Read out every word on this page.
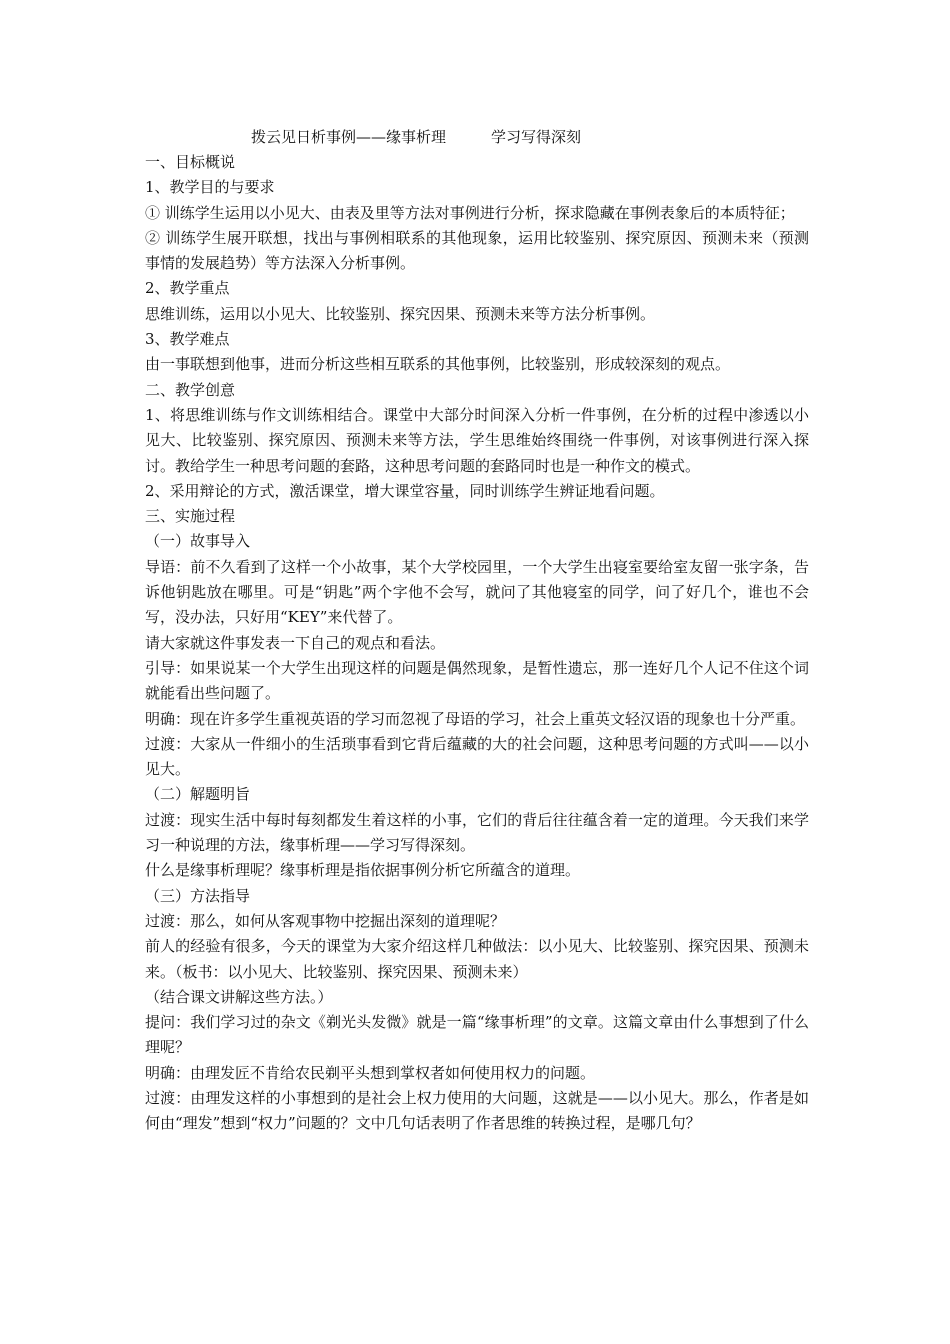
拨云见日析事例——缘事析理　　　学习写得深刻

一、目标概说

1、教学目的与要求

① 训练学生运用以小见大、由表及里等方法对事例进行分析，探求隐藏在事例表象后的本质特征；

② 训练学生展开联想，找出与事例相联系的其他现象，运用比较鉴别、探究原因、预测未来（预测事情的发展趋势）等方法深入分析事例。

2、教学重点

思维训练，运用以小见大、比较鉴别、探究因果、预测未来等方法分析事例。

3、教学难点

由一事联想到他事，进而分析这些相互联系的其他事例，比较鉴别，形成较深刻的观点。

二、教学创意

1、将思维训练与作文训练相结合。课堂中大部分时间深入分析一件事例，在分析的过程中渗透以小见大、比较鉴别、探究原因、预测未来等方法，学生思维始终围绕一件事例，对该事例进行深入探讨。教给学生一种思考问题的套路，这种思考问题的套路同时也是一种作文的模式。

2、采用辩论的方式，激活课堂，增大课堂容量，同时训练学生辨证地看问题。

三、实施过程

（一）故事导入

导语：前不久看到了这样一个小故事，某个大学校园里，一个大学生出寝室要给室友留一张字条，告诉他钥匙放在哪里。可是“钥匙”两个字他不会写，就问了其他寝室的同学，问了好几个，谁也不会写，没办法，只好用“KEY”来代替了。

请大家就这件事发表一下自己的观点和看法。

引导：如果说某一个大学生出现这样的问题是偶然现象，是暂性遗忘，那一连好几个人记不住这个词就能看出些问题了。

明确：现在许多学生重视英语的学习而忽视了母语的学习，社会上重英文轻汉语的现象也十分严重。

过渡：大家从一件细小的生活琐事看到它背后蕴藏的大的社会问题，这种思考问题的方式叫——以小见大。

（二）解题明旨

过渡：现实生活中每时每刻都发生着这样的小事，它们的背后往往蕴含着一定的道理。今天我们来学习一种说理的方法，缘事析理——学习写得深刻。

什么是缘事析理呢？缘事析理是指依据事例分析它所蕴含的道理。

（三）方法指导

过渡：那么，如何从客观事物中挖掘出深刻的道理呢？

前人的经验有很多，今天的课堂为大家介绍这样几种做法：以小见大、比较鉴别、探究因果、预测未来。（板书：以小见大、比较鉴别、探究因果、预测未来）

（结合课文讲解这些方法。）

提问：我们学习过的杂文《剃光头发微》就是一篇“缘事析理”的文章。这篇文章由什么事想到了什么理呢？

明确：由理发匠不肯给农民剃平头想到掌权者如何使用权力的问题。

过渡：由理发这样的小事想到的是社会上权力使用的大问题，这就是——以小见大。那么，作者是如何由“理发”想到“权力”问题的？文中几句话表明了作者思维的转换过程，是哪几句？
